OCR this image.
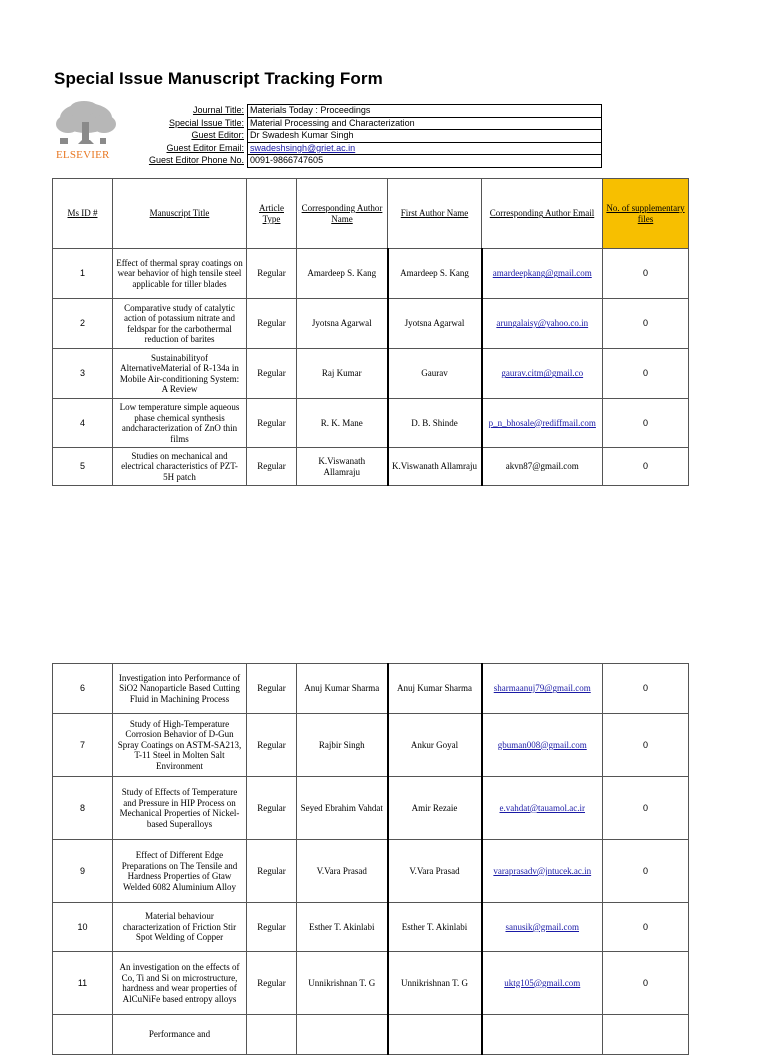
Special Issue Manuscript Tracking Form
ELSEVIER
Journal Title:	Materials Today : Proceedings
Special Issue Title:	Material Processing and Characterization
Guest Editor:	Dr Swadesh Kumar Singh
Guest Editor Email:	swadeshsingh@griet.ac.in
Guest Editor Phone No.	0091-9866747605
Ms ID #	Manuscript Title	Article Type	Corresponding Author Name	First Author Name	Corresponding Author Email	No. of supplementary files
1	Effect of thermal spray coatings on wear behavior of high tensile steel applicable for tiller blades	Regular	Amardeep S. Kang	Amardeep S. Kang	amardeepkang@gmail.com	0
2	Comparative study of catalytic action of potassium nitrate and feldspar for the carbothermal reduction of barites	Regular	Jyotsna Agarwal	Jyotsna Agarwal	arungalaisy@yahoo.co.in	0
3	Sustainabilityof AlternativeMaterial of R-134a in Mobile Air-conditioning System: A Review	Regular	Raj Kumar	Gaurav	gaurav.citm@gmail.co	0
4	Low temperature simple aqueous phase chemical synthesis andcharacterization of ZnO thin films	Regular	R. K. Mane	D. B. Shinde	p_n_bhosale@rediffmail.com	0
5	Studies on mechanical and electrical characteristics of PZT-5H patch	Regular	K.Viswanath Allamraju	K.Viswanath Allamraju	akvn87@gmail.com	0
6	Investigation into Performance of SiO2 Nanoparticle Based Cutting Fluid in Machining Process	Regular	Anuj Kumar Sharma	Anuj Kumar Sharma	sharmaanuj79@gmail.com	0
7	Study of High-Temperature Corrosion Behavior of D-Gun Spray Coatings on ASTM-SA213, T-11 Steel in Molten Salt Environment	Regular	Rajbir Singh	Ankur Goyal	gbuman008@gmail.com	0
8	Study of Effects of Temperature and Pressure in HIP Process on Mechanical Properties of Nickel-based Superalloys	Regular	Seyed Ebrahim Vahdat	Amir Rezaie	e.vahdat@tauamol.ac.ir	0
9	Effect of Different Edge Preparations on The Tensile and Hardness Properties of Gtaw Welded 6082 Aluminium Alloy	Regular	V.Vara Prasad	V.Vara Prasad	varaprasadv@jntucek.ac.in	0
10	Material behaviour characterization of Friction Stir Spot Welding of Copper	Regular	Esther T. Akinlabi	Esther T. Akinlabi	sanusik@gmail.com	0
11	An investigation on the effects of Co, Ti and Si on microstructure, hardness and wear properties of AlCuNiFe based entropy alloys	Regular	Unnikrishnan T. G	Unnikrishnan T. G	uktg105@gmail.com	0
	Performance and					
